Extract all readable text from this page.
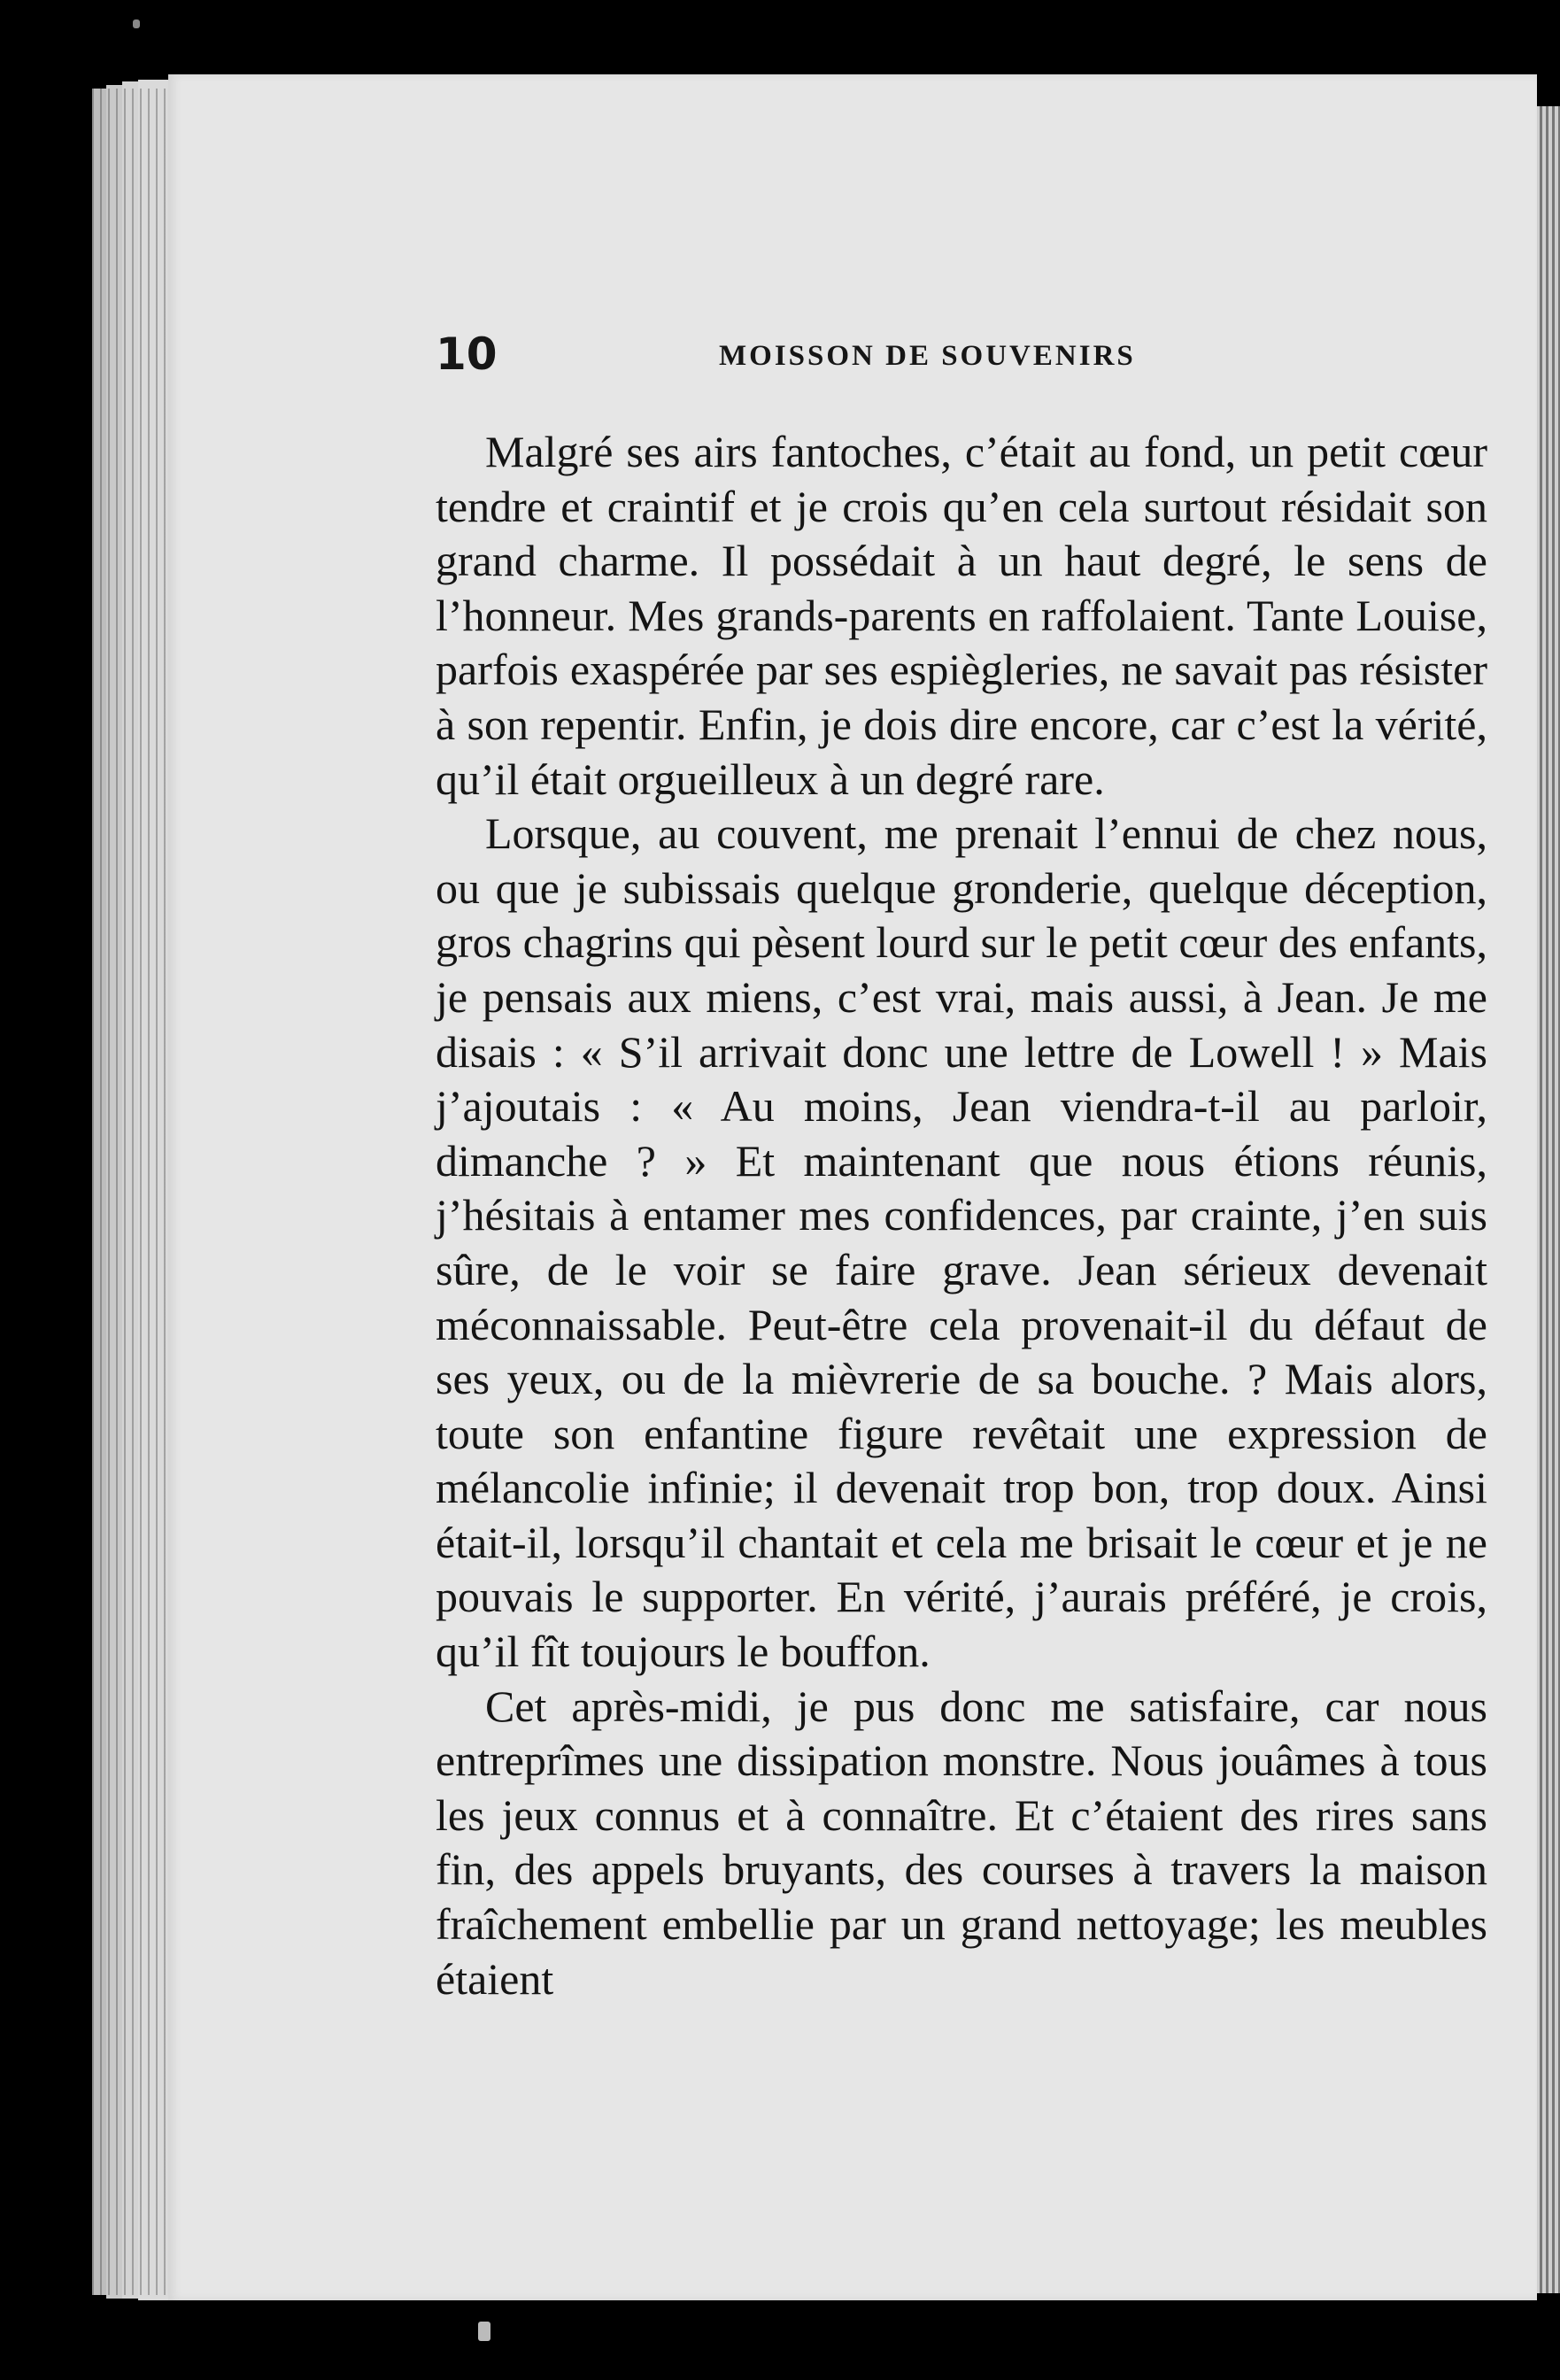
10	MOISSON DE SOUVENIRS

Malgré ses airs fantoches, c’était au fond, un petit cœur tendre et craintif et je crois qu’en cela surtout résidait son grand charme. Il possédait à un haut degré, le sens de l’honneur. Mes grands-parents en raffolaient. Tante Louise, parfois exaspérée par ses espiègleries, ne savait pas résister à son repentir. Enfin, je dois dire encore, car c’est la vérité, qu’il était orgueilleux à un degré rare.

Lorsque, au couvent, me prenait l’ennui de chez nous, ou que je subissais quelque gronderie, quelque déception, gros chagrins qui pèsent lourd sur le petit cœur des enfants, je pensais aux miens, c’est vrai, mais aussi, à Jean. Je me disais : « S’il arrivait donc une lettre de Lowell ! » Mais j’ajoutais : « Au moins, Jean viendra-t-il au parloir, dimanche ? » Et maintenant que nous étions réunis, j’hésitais à entamer mes confidences, par crainte, j’en suis sûre, de le voir se faire grave. Jean sérieux devenait méconnaissable. Peut-être cela provenait-il du défaut de ses yeux, ou de la mièvrerie de sa bouche. ? Mais alors, toute son enfantine figure revêtait une expression de mélancolie infinie; il devenait trop bon, trop doux. Ainsi était-il, lorsqu’il chantait et cela me brisait le cœur et je ne pouvais le supporter. En vérité, j’aurais préféré, je crois, qu’il fît toujours le bouffon.

Cet après-midi, je pus donc me satisfaire, car nous entreprîmes une dissipation monstre. Nous jouâmes à tous les jeux connus et à connaître. Et c’étaient des rires sans fin, des appels bruyants, des courses à travers la maison fraîchement embellie par un grand nettoyage; les meubles étaient
